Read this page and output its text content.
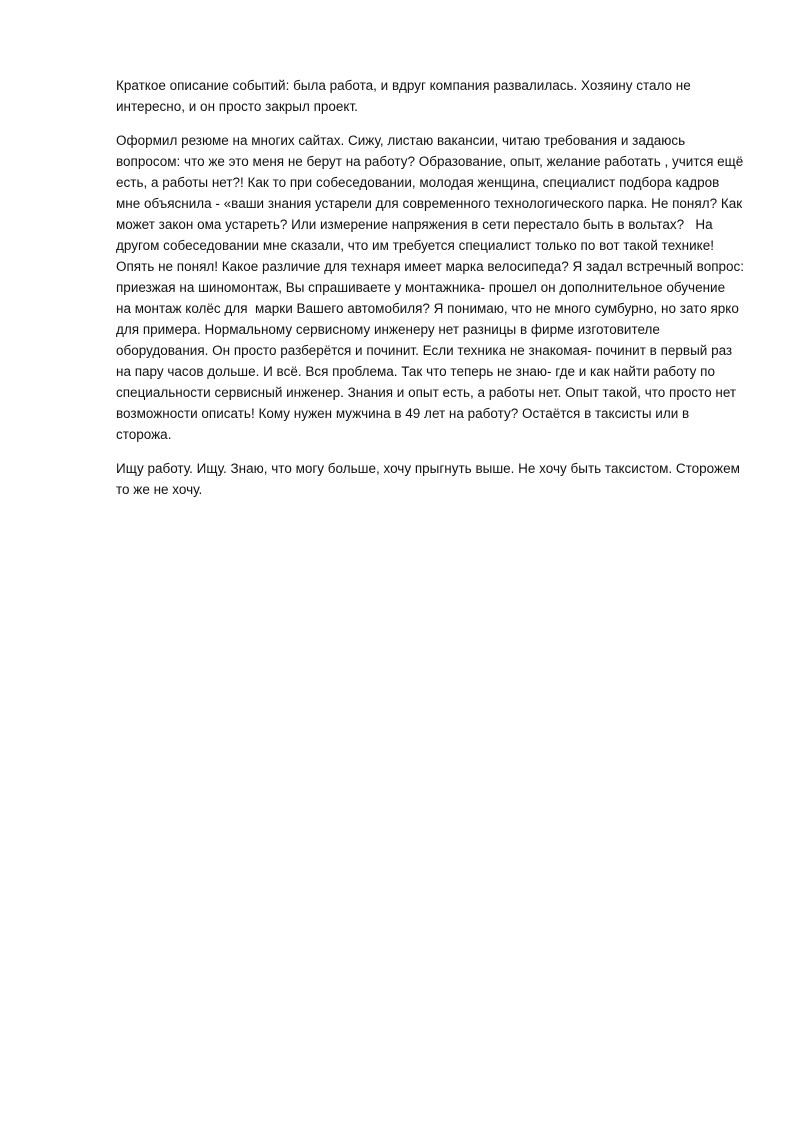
Краткое описание событий: была работа, и вдруг компания развалилась. Хозяину стало не
интересно, и он просто закрыл проект.

Оформил резюме на многих сайтах. Сижу, листаю вакансии, читаю требования и задаюсь
вопросом: что же это меня не берут на работу? Образование, опыт, желание работать , учится ещё
есть, а работы нет?! Как то при собеседовании, молодая женщина, специалист подбора кадров
мне объяснила - «ваши знания устарели для современного технологического парка. Не понял? Как
может закон ома устареть? Или измерение напряжения в сети перестало быть в вольтах?   На
другом собеседовании мне сказали, что им требуется специалист только по вот такой технике!
Опять не понял! Какое различие для технаря имеет марка велосипеда? Я задал встречный вопрос:
приезжая на шиномонтаж, Вы спрашиваете у монтажника- прошел он дополнительное обучение
на монтаж колёс для  марки Вашего автомобиля? Я понимаю, что не много сумбурно, но зато ярко
для примера. Нормальному сервисному инженеру нет разницы в фирме изготовителе
оборудования. Он просто разберётся и починит. Если техника не знакомая- починит в первый раз
на пару часов дольше. И всё. Вся проблема. Так что теперь не знаю- где и как найти работу по
специальности сервисный инженер. Знания и опыт есть, а работы нет. Опыт такой, что просто нет
возможности описать! Кому нужен мужчина в 49 лет на работу? Остаётся в таксисты или в
сторожа.

Ищу работу. Ищу. Знаю, что могу больше, хочу прыгнуть выше. Не хочу быть таксистом. Сторожем
то же не хочу.
